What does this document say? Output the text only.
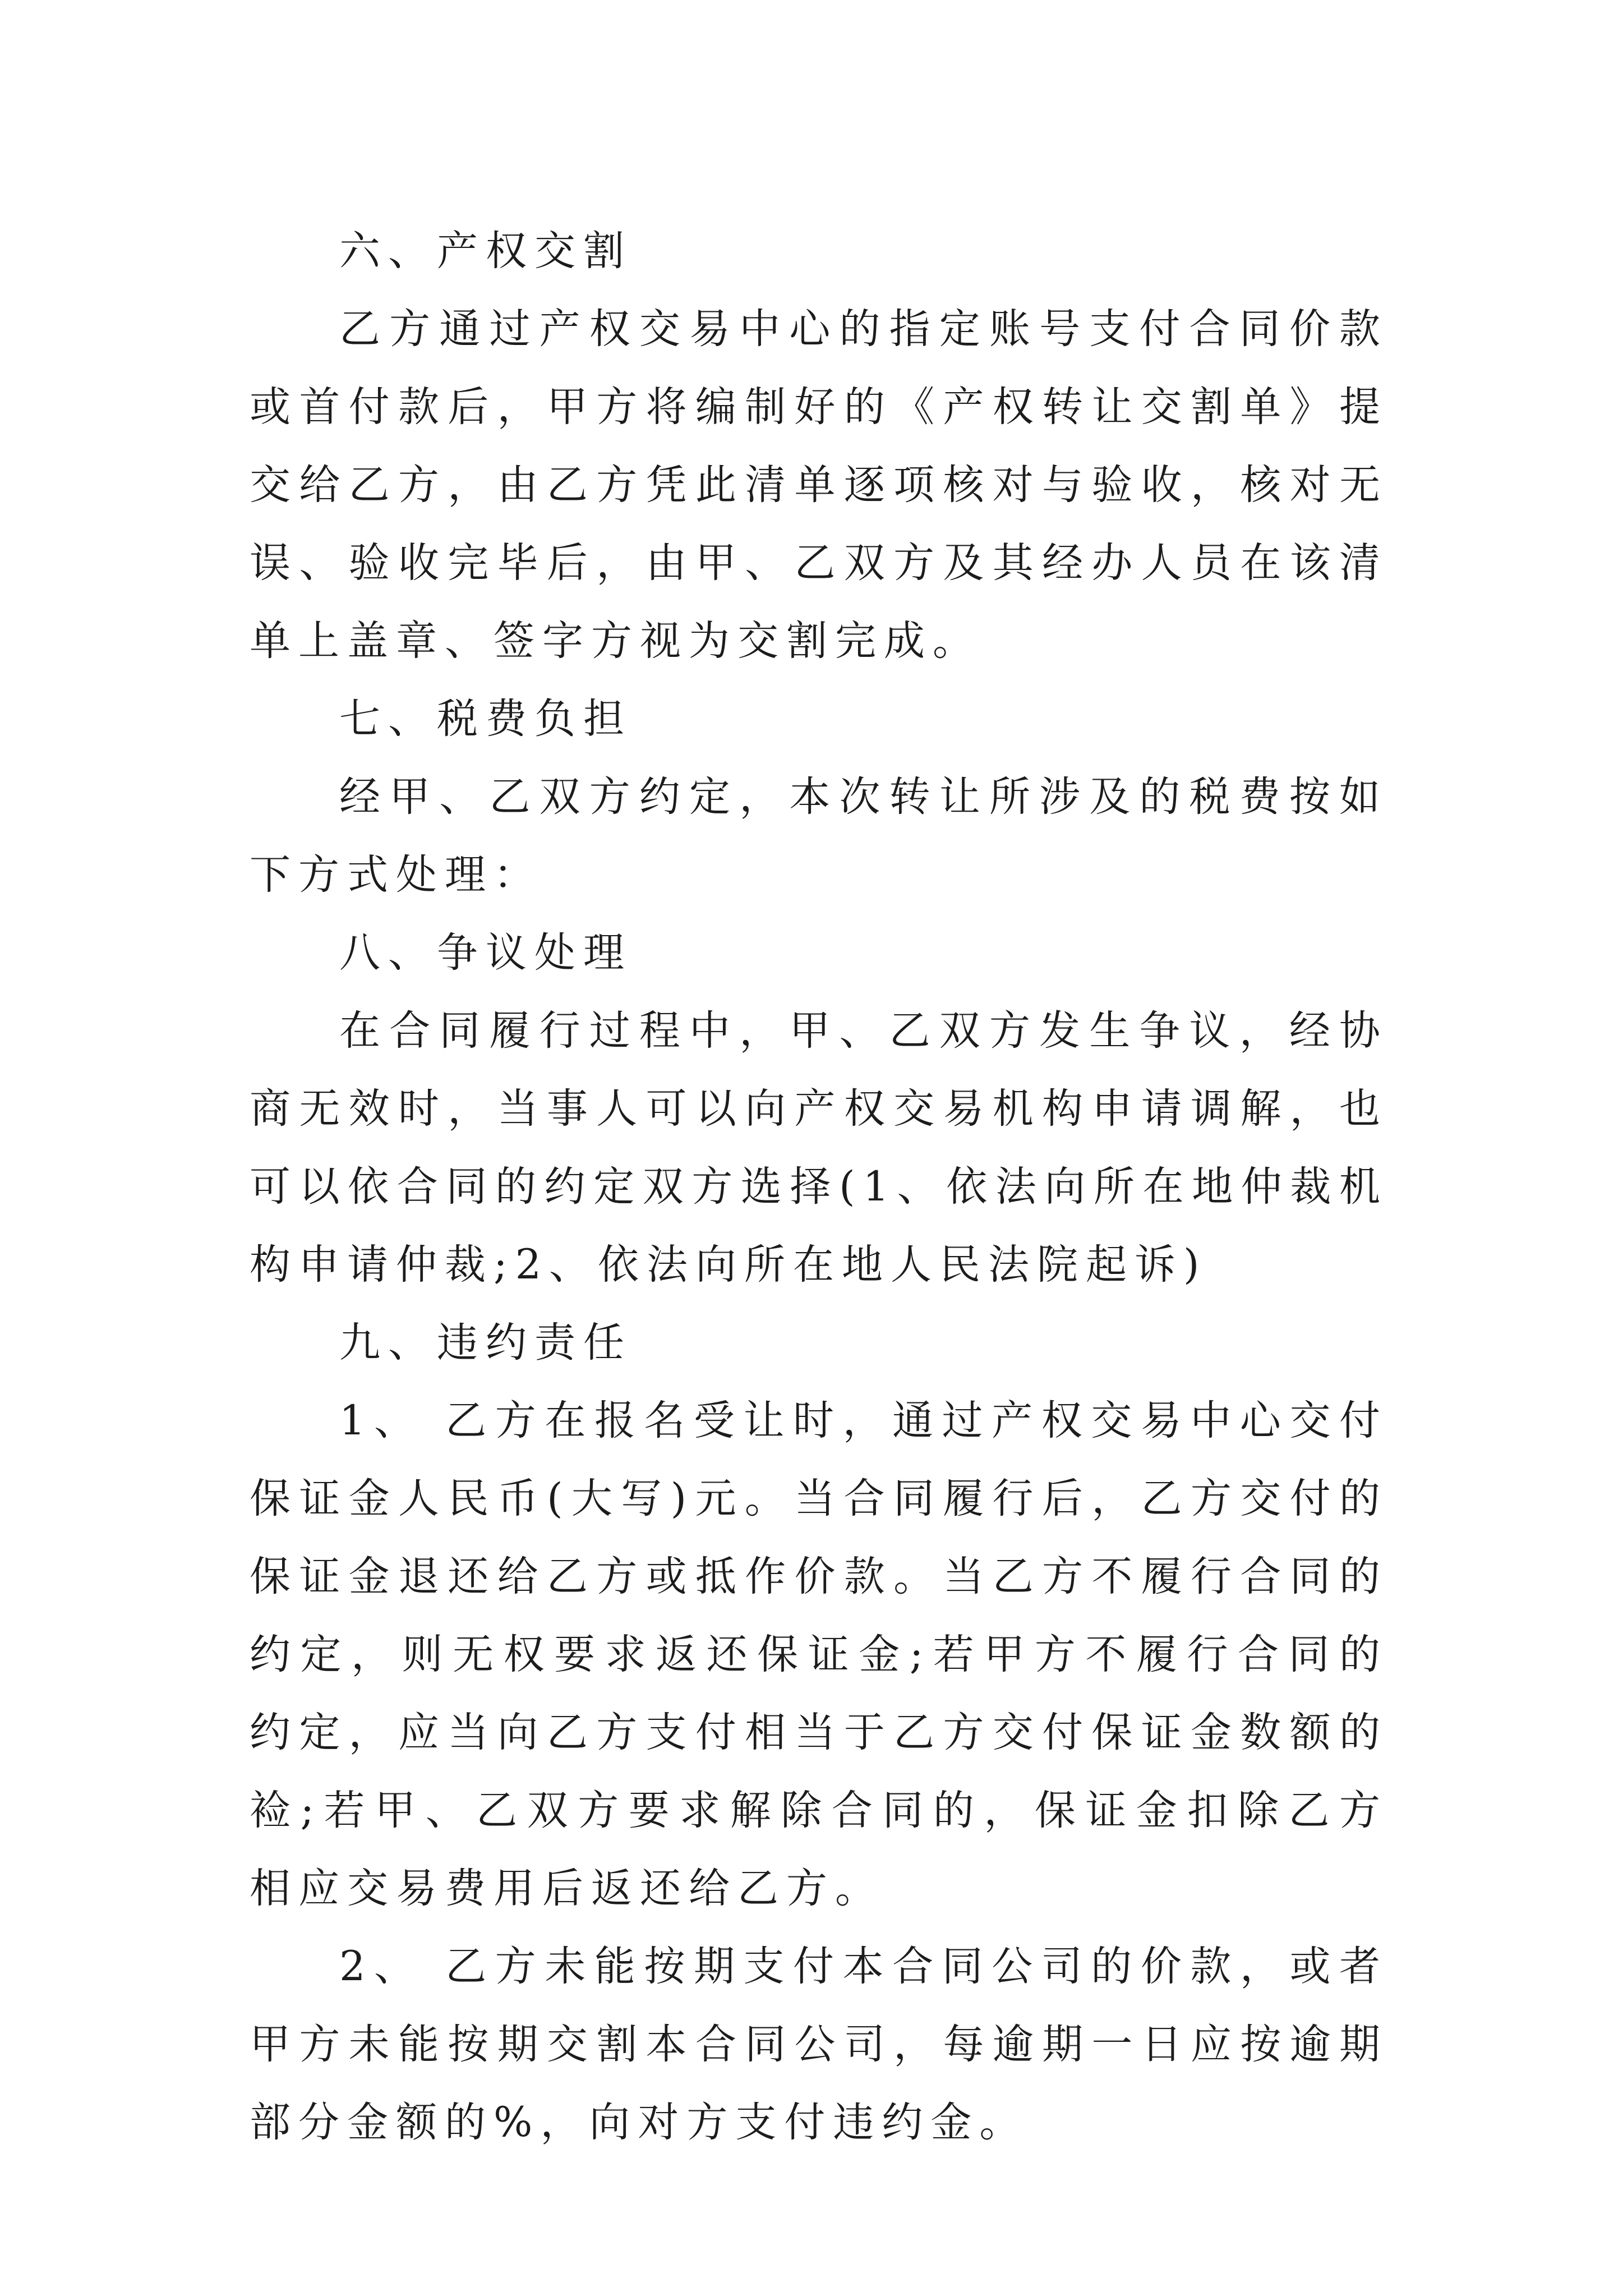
六、产权交割

乙方通过产权交易中心的指定账号支付合同价款或首付款后，甲方将编制好的《产权转让交割单》提交给乙方，由乙方凭此清单逐项核对与验收，核对无误、验收完毕后，由甲、乙双方及其经办人员在该清单上盖章、签字方视为交割完成。

七、税费负担

经甲、乙双方约定，本次转让所涉及的税费按如下方式处理：

八、争议处理

在合同履行过程中，甲、乙双方发生争议，经协商无效时，当事人可以向产权交易机构申请调解，也可以依合同的约定双方选择(1、依法向所在地仲裁机构申请仲裁;2、依法向所在地人民法院起诉)

九、违约责任

1、 乙方在报名受让时，通过产权交易中心交付保证金人民币(大写)元。当合同履行后，乙方交付的保证金退还给乙方或抵作价款。当乙方不履行合同的约定，则无权要求返还保证金;若甲方不履行合同的约定，应当向乙方支付相当于乙方交付保证金数额的裣;若甲、乙双方要求解除合同的，保证金扣除乙方相应交易费用后返还给乙方。

2、 乙方未能按期支付本合同公司的价款，或者甲方未能按期交割本合同公司，每逾期一日应按逾期部分金额的%，向对方支付违约金。
